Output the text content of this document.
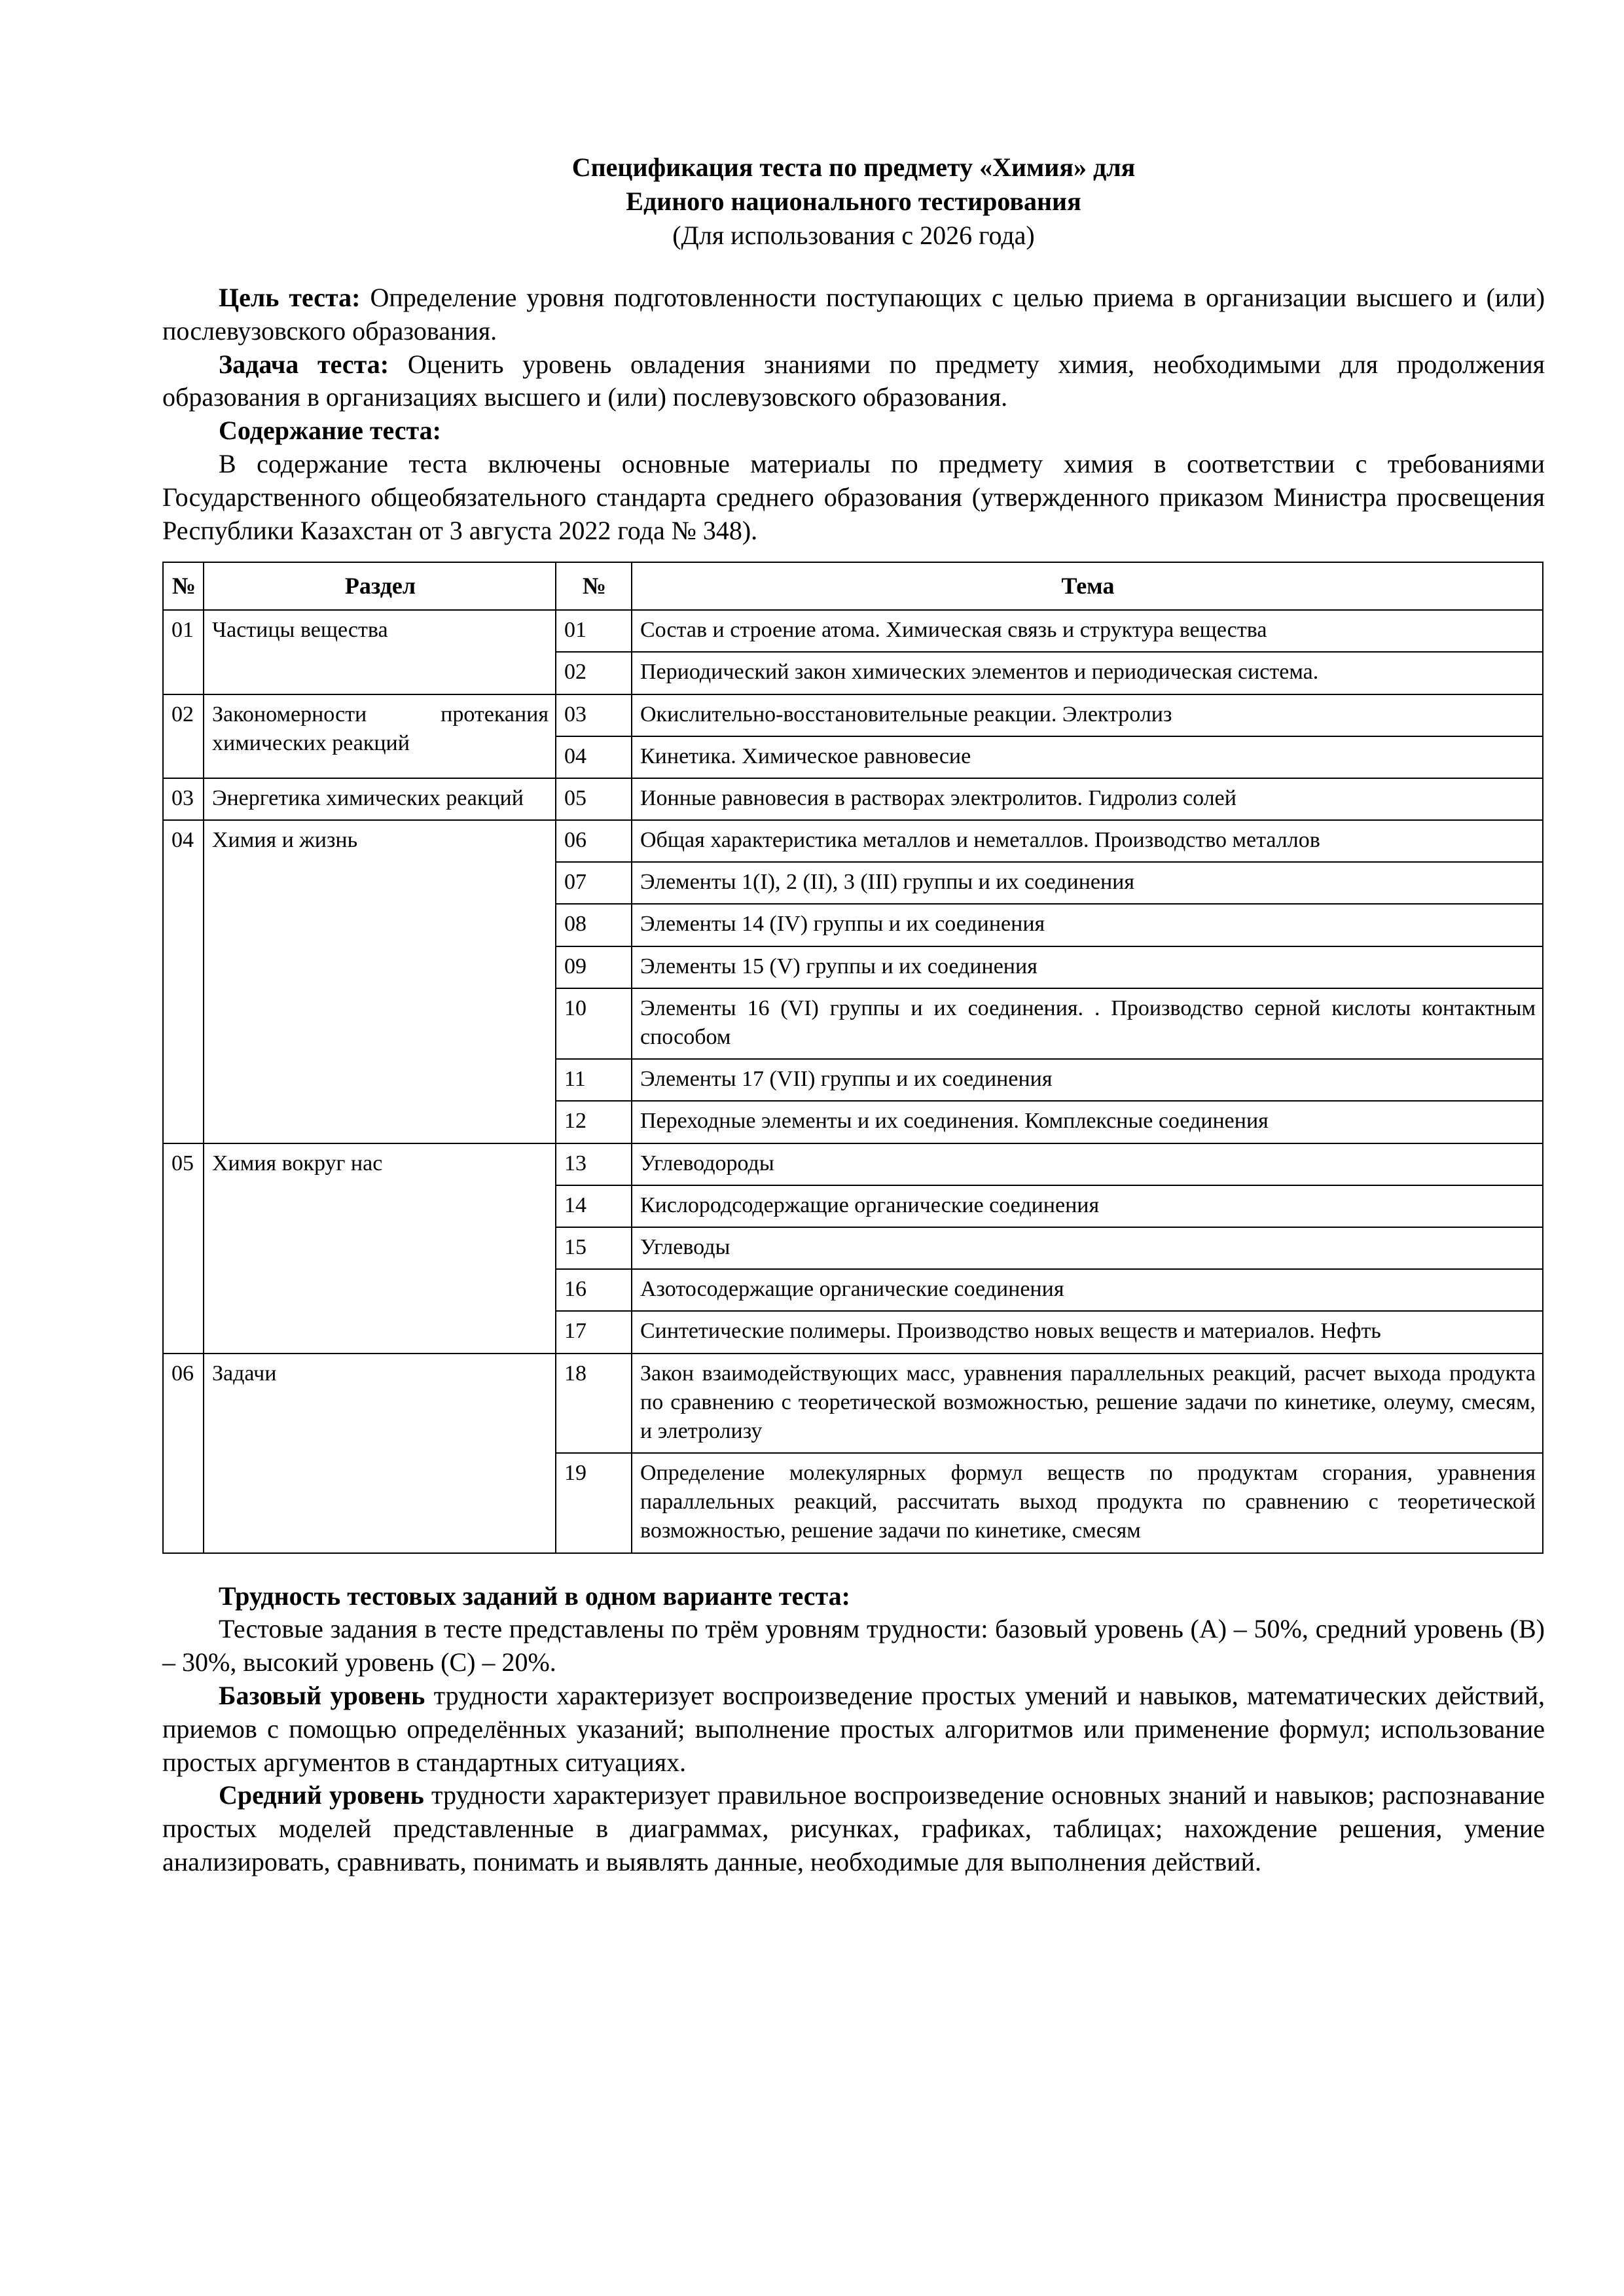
Спецификация теста по предмету «Химия» для
Единого национального тестирования

(Для использования с 2026 года)

Цель теста: Определение уровня подготовленности поступающих с целью приема в организации высшего и (или) послевузовского образования.

Задача теста: Оценить уровень овладения знаниями по предмету химия, необходимыми для продолжения образования в организациях высшего и (или) послевузовского образования.

Содержание теста:

В содержание теста включены основные материалы по предмету химия в соответствии с требованиями Государственного общеобязательного стандарта среднего образования (утвержденного приказом Министра просвещения Республики Казахстан от 3 августа 2022 года № 348).

№	Раздел	№	Тема
01	Частицы вещества	01	Состав и строение атома. Химическая связь и структура вещества
		02	Периодический закон химических элементов и периодическая система.
02	Закономерности протекания химических реакций	03	Окислительно-восстановительные реакции. Электролиз
		04	Кинетика. Химическое равновесие
03	Энергетика химических реакций	05	Ионные равновесия в растворах электролитов. Гидролиз солей
04	Химия и жизнь	06	Общая характеристика металлов и неметаллов. Производство металлов
		07	Элементы 1(I), 2 (II), 3 (III) группы и их соединения
		08	Элементы 14 (IV) группы и их соединения
		09	Элементы 15 (V) группы и их соединения
		10	Элементы 16 (VI) группы и их соединения. . Производство серной кислоты контактным способом
		11	Элементы 17 (VII) группы и их соединения
		12	Переходные элементы и их соединения. Комплексные соединения
05	Химия вокруг нас	13	Углеводороды
		14	Кислородсодержащие органические соединения
		15	Углеводы
		16	Азотосодержащие органические соединения
		17	Синтетические полимеры. Производство новых веществ и материалов. Нефть
06	Задачи	18	Закон взаимодействующих масс, уравнения параллельных реакций, расчет выхода продукта по сравнению с теоретической возможностью, решение задачи по кинетике, олеуму, смесям, и элетролизу
		19	Определение молекулярных формул веществ по продуктам сгорания, уравнения параллельных реакций, рассчитать выход продукта по сравнению с теоретической возможностью, решение задачи по кинетике, смесям

Трудность тестовых заданий в одном варианте теста:

Тестовые задания в тесте представлены по трём уровням трудности: базовый уровень (А) – 50%, средний уровень (В) – 30%, высокий уровень (С) – 20%.

Базовый уровень трудности характеризует воспроизведение простых умений и навыков, математических действий, приемов с помощью определённых указаний; выполнение простых алгоритмов или применение формул; использование простых аргументов в стандартных ситуациях.

Средний уровень трудности характеризует правильное воспроизведение основных знаний и навыков; распознавание простых моделей представленные в диаграммах, рисунках, графиках, таблицах; нахождение решения, умение анализировать, сравнивать, понимать и выявлять данные, необходимые для выполнения действий.
